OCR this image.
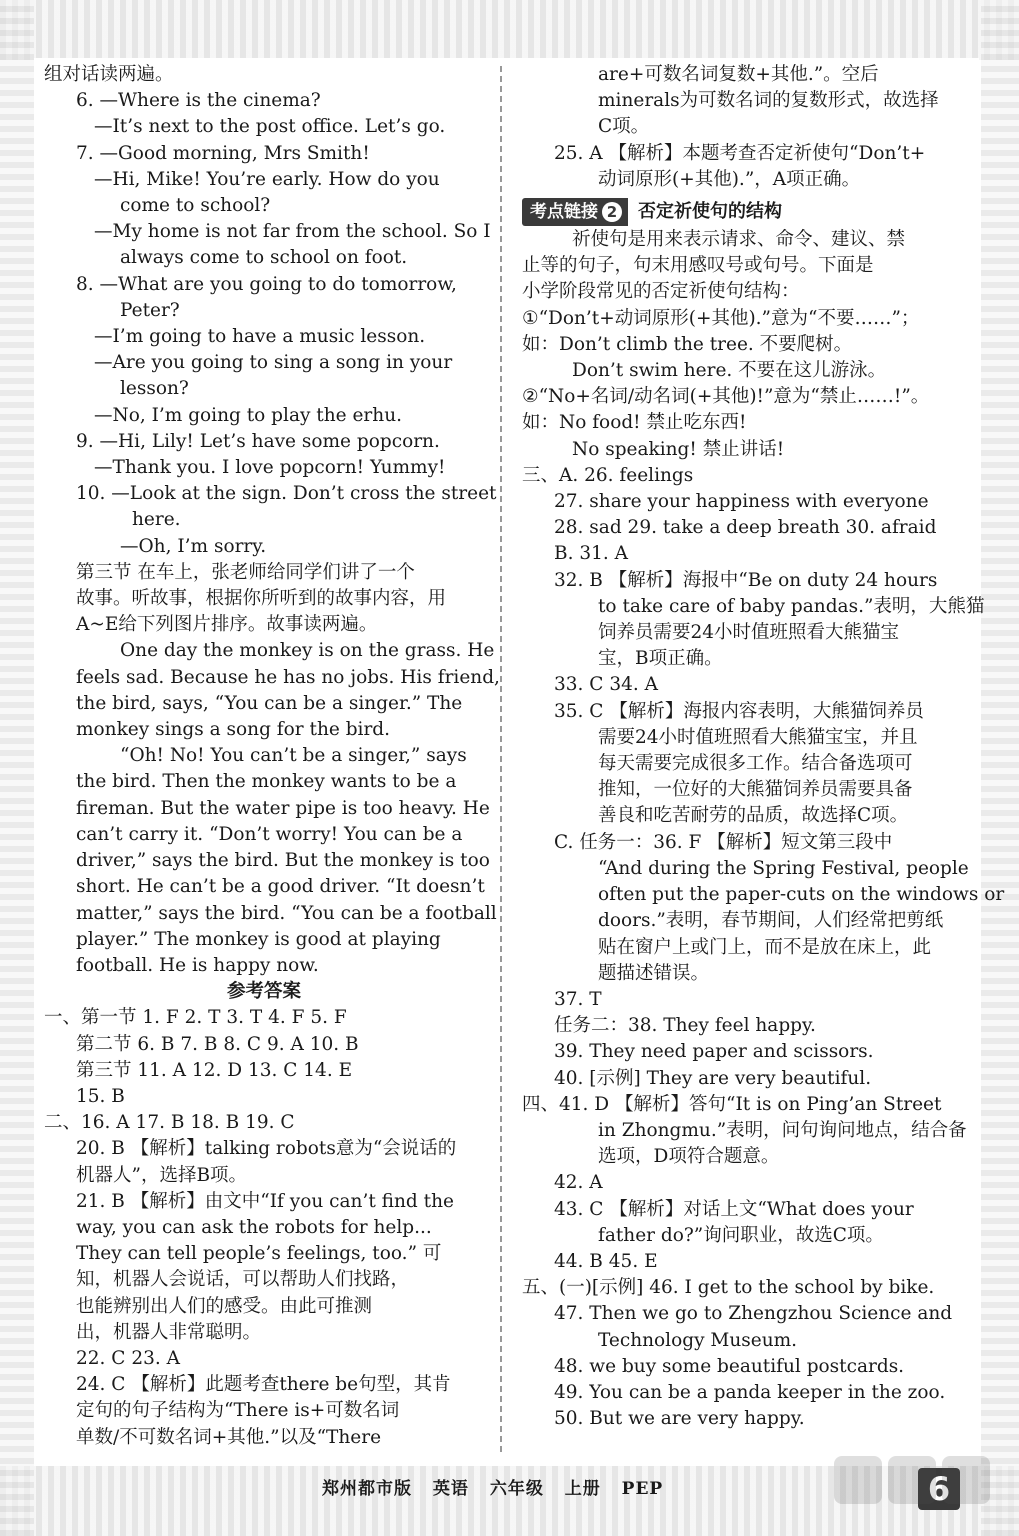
组对话读两遍。
6. —Where is the cinema?
—It’s next to the post office. Let’s go.
7. —Good morning, Mrs Smith!
—Hi, Mike! You’re early. How do you
come to school?
—My home is not far from the school. So I
always come to school on foot.
8. —What are you going to do tomorrow,
Peter?
—I’m going to have a music lesson.
—Are you going to sing a song in your
lesson?
—No, I’m going to play the erhu.
9. —Hi, Lily! Let’s have some popcorn.
—Thank you. I love popcorn! Yummy!
10. —Look at the sign. Don’t cross the street
here.
—Oh, I’m sorry.
第三节 在车上，张老师给同学们讲了一个
故事。听故事，根据你所听到的故事内容，用
A~E给下列图片排序。故事读两遍。
One day the monkey is on the grass. He
feels sad. Because he has no jobs. His friend,
the bird, says, “You can be a singer.” The
monkey sings a song for the bird.
“Oh! No! You can’t be a singer,” says
the bird. Then the monkey wants to be a
fireman. But the water pipe is too heavy. He
can’t carry it. “Don’t worry! You can be a
driver,” says the bird. But the monkey is too
short. He can’t be a good driver. “It doesn’t
matter,” says the bird. “You can be a football
player.” The monkey is good at playing
football. He is happy now.
参考答案
一、第一节 1. F 2. T 3. T 4. F 5. F
第二节 6. B 7. B 8. C 9. A 10. B
第三节 11. A 12. D 13. C 14. E
15. B
二、16. A 17. B 18. B 19. C
20. B 【解析】talking robots意为“会说话的
机器人”，选择B项。
21. B 【解析】由文中“If you can’t find the
way, you can ask the robots for help...
They can tell people’s feelings, too.” 可
知，机器人会说话，可以帮助人们找路，
也能辨别出人们的感受。由此可推测
出，机器人非常聪明。
22. C 23. A
24. C 【解析】此题考查there be句型，其肯
定句的句子结构为“There is+可数名词
单数/不可数名词+其他.”以及“There
are+可数名词复数+其他.”。空后
minerals为可数名词的复数形式，故选择
C项。
25. A 【解析】本题考查否定祈使句“Don’t+
动词原形(+其他).”，A项正确。
考点链接 2	否定祈使句的结构
祈使句是用来表示请求、命令、建议、禁
止等的句子，句末用感叹号或句号。下面是
小学阶段常见的否定祈使句结构：
①“Don’t+动词原形(+其他).”意为“不要……”；
如：Don’t climb the tree. 不要爬树。
Don’t swim here. 不要在这儿游泳。
②“No+名词/动名词(+其他)!”意为“禁止……!”。
如：No food! 禁止吃东西!
No speaking! 禁止讲话!
三、A. 26. feelings
27. share your happiness with everyone
28. sad 29. take a deep breath 30. afraid
B. 31. A
32. B 【解析】海报中“Be on duty 24 hours
to take care of baby pandas.”表明，大熊猫
饲养员需要24小时值班照看大熊猫宝
宝，B项正确。
33. C 34. A
35. C 【解析】海报内容表明，大熊猫饲养员
需要24小时值班照看大熊猫宝宝，并且
每天需要完成很多工作。结合备选项可
推知，一位好的大熊猫饲养员需要具备
善良和吃苦耐劳的品质，故选择C项。
C. 任务一：36. F 【解析】短文第三段中
“And during the Spring Festival, people
often put the paper-cuts on the windows or
doors.”表明，春节期间，人们经常把剪纸
贴在窗户上或门上，而不是放在床上，此
题描述错误。
37. T
任务二：38. They feel happy.
39. They need paper and scissors.
40. [示例] They are very beautiful.
四、41. D 【解析】答句“It is on Ping’an Street
in Zhongmu.”表明，问句询问地点，结合备
选项，D项符合题意。
42. A
43. C 【解析】对话上文“What does your
father do?”询问职业，故选C项。
44. B 45. E
五、(一)[示例] 46. I get to the school by bike.
47. Then we go to Zhengzhou Science and
Technology Museum.
48. we buy some beautiful postcards.
49. You can be a panda keeper in the zoo.
50. But we are very happy.
郑州都市版 英语 六年级 上册 PEP	6
